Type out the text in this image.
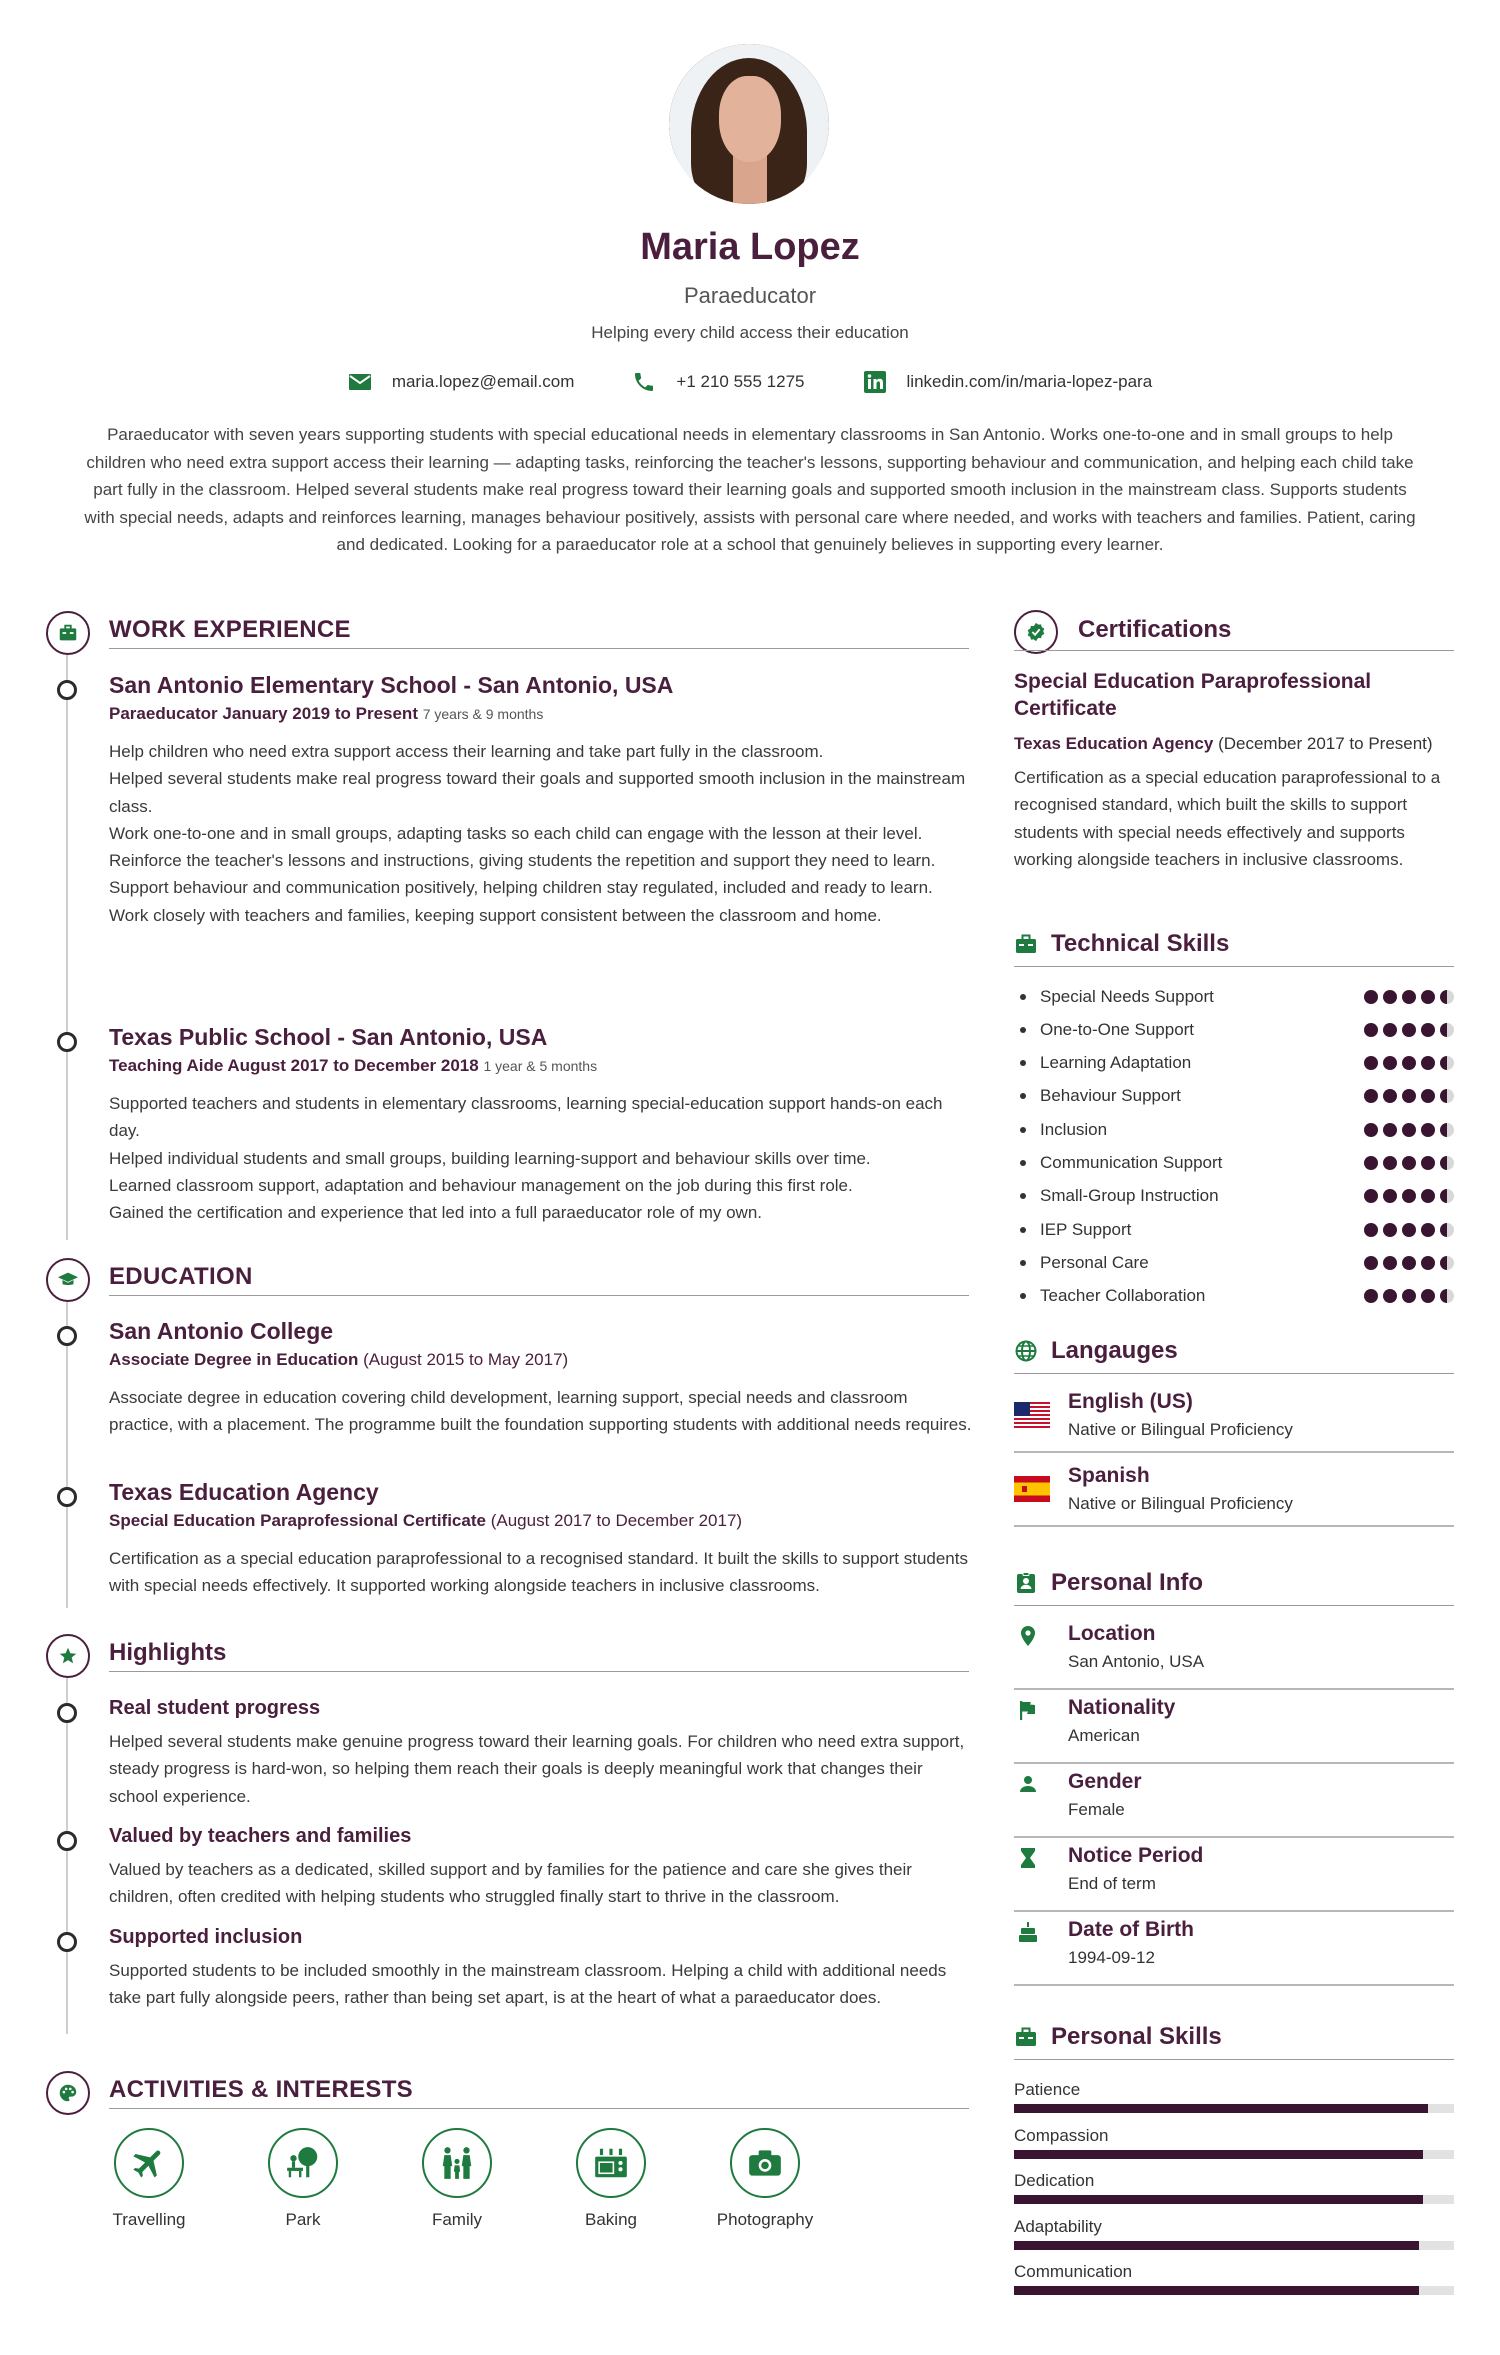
Maria Lopez
Paraeducator
Helping every child access their education
maria.lopez@email.com	+1 210 555 1275	linkedin.com/in/maria-lopez-para
Paraeducator with seven years supporting students with special educational needs in elementary classrooms in San Antonio. Works one-to-one and in small groups to help children who need extra support access their learning — adapting tasks, reinforcing the teacher's lessons, supporting behaviour and communication, and helping each child take part fully in the classroom. Helped several students make real progress toward their learning goals and supported smooth inclusion in the mainstream class. Supports students with special needs, adapts and reinforces learning, manages behaviour positively, assists with personal care where needed, and works with teachers and families. Patient, caring and dedicated. Looking for a paraeducator role at a school that genuinely believes in supporting every learner.
WORK EXPERIENCE
San Antonio Elementary School - San Antonio, USA
Paraeducator January 2019 to Present 7 years & 9 months
Help children who need extra support access their learning and take part fully in the classroom.
Helped several students make real progress toward their goals and supported smooth inclusion in the mainstream class.
Work one-to-one and in small groups, adapting tasks so each child can engage with the lesson at their level.
Reinforce the teacher's lessons and instructions, giving students the repetition and support they need to learn.
Support behaviour and communication positively, helping children stay regulated, included and ready to learn.
Work closely with teachers and families, keeping support consistent between the classroom and home.
Texas Public School - San Antonio, USA
Teaching Aide August 2017 to December 2018 1 year & 5 months
Supported teachers and students in elementary classrooms, learning special-education support hands-on each day.
Helped individual students and small groups, building learning-support and behaviour skills over time.
Learned classroom support, adaptation and behaviour management on the job during this first role.
Gained the certification and experience that led into a full paraeducator role of my own.
EDUCATION
San Antonio College
Associate Degree in Education (August 2015 to May 2017)
Associate degree in education covering child development, learning support, special needs and classroom practice, with a placement. The programme built the foundation supporting students with additional needs requires.
Texas Education Agency
Special Education Paraprofessional Certificate (August 2017 to December 2017)
Certification as a special education paraprofessional to a recognised standard. It built the skills to support students with special needs effectively. It supported working alongside teachers in inclusive classrooms.
Highlights
Real student progress
Helped several students make genuine progress toward their learning goals. For children who need extra support, steady progress is hard-won, so helping them reach their goals is deeply meaningful work that changes their school experience.
Valued by teachers and families
Valued by teachers as a dedicated, skilled support and by families for the patience and care she gives their children, often credited with helping students who struggled finally start to thrive in the classroom.
Supported inclusion
Supported students to be included smoothly in the mainstream classroom. Helping a child with additional needs take part fully alongside peers, rather than being set apart, is at the heart of what a paraeducator does.
ACTIVITIES & INTERESTS
Travelling	Park	Family	Baking	Photography
Certifications
Special Education Paraprofessional Certificate
Texas Education Agency (December 2017 to Present)
Certification as a special education paraprofessional to a recognised standard, which built the skills to support students with special needs effectively and supports working alongside teachers in inclusive classrooms.
Technical Skills
Langauges
English (US)
Native or Bilingual Proficiency
Spanish
Native or Bilingual Proficiency
Personal Info
Location
San Antonio, USA
Nationality
American
Gender
Female
Notice Period
End of term
Date of Birth
1994-09-12
Personal Skills
Special Needs Support
One-to-One Support
Learning Adaptation
Behaviour Support
Inclusion
Communication Support
Small-Group Instruction
IEP Support
Personal Care
Teacher Collaboration
Patience
Compassion
Dedication
Adaptability
Communication
